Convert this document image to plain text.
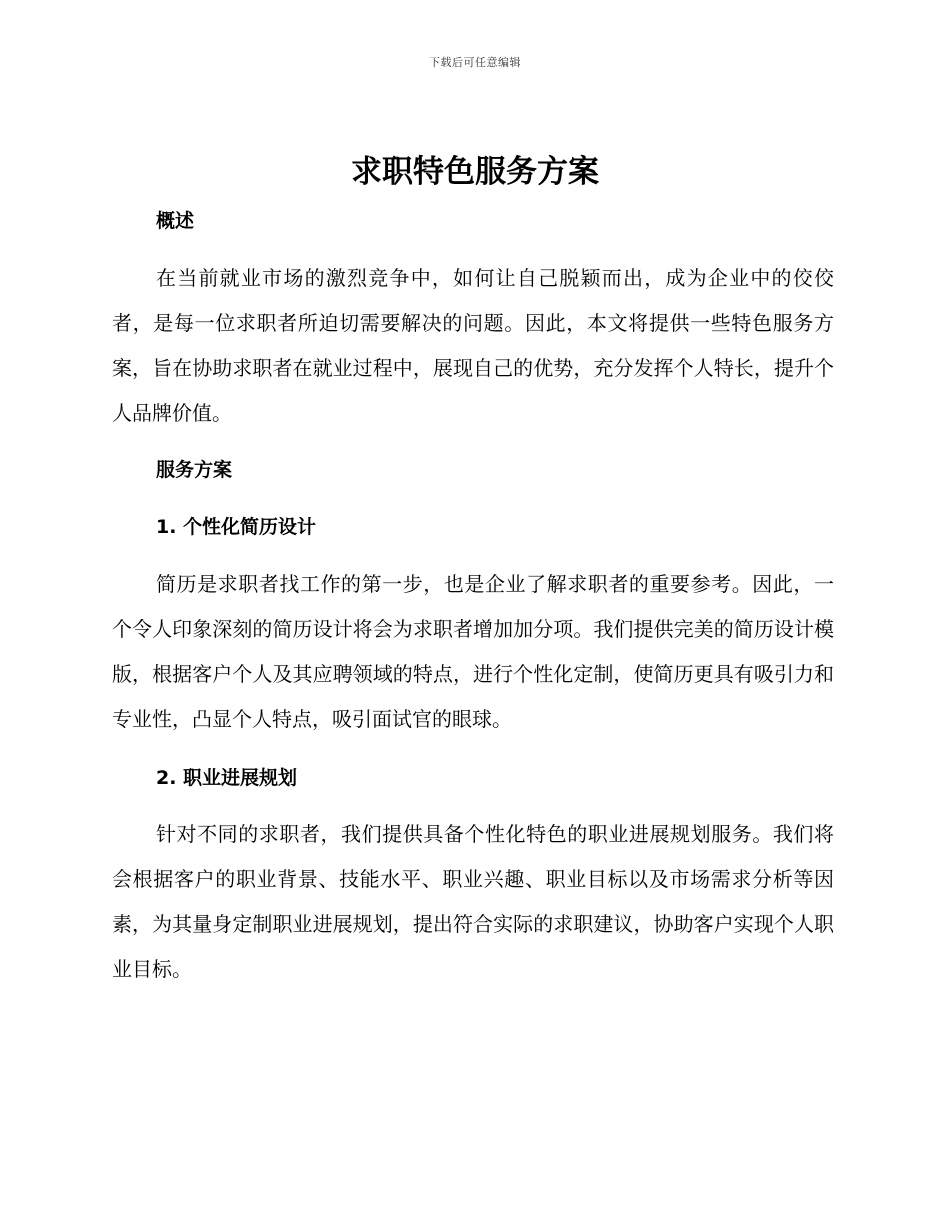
下载后可任意编辑
求职特色服务方案
概述

在当前就业市场的激烈竞争中，如何让自己脱颖而出，成为企业中的佼佼者，是每一位求职者所迫切需要解决的问题。因此，本文将提供一些特色服务方案，旨在协助求职者在就业过程中，展现自己的优势，充分发挥个人特长，提升个人品牌价值。

服务方案
1. 个性化简历设计

简历是求职者找工作的第一步，也是企业了解求职者的重要参考。因此，一个令人印象深刻的简历设计将会为求职者增加加分项。我们提供完美的简历设计模版，根据客户个人及其应聘领域的特点，进行个性化定制，使简历更具有吸引力和专业性，凸显个人特点，吸引面试官的眼球。

2. 职业进展规划

针对不同的求职者，我们提供具备个性化特色的职业进展规划服务。我们将会根据客户的职业背景、技能水平、职业兴趣、职业目标以及市场需求分析等因素，为其量身定制职业进展规划，提出符合实际的求职建议，协助客户实现个人职业目标。
